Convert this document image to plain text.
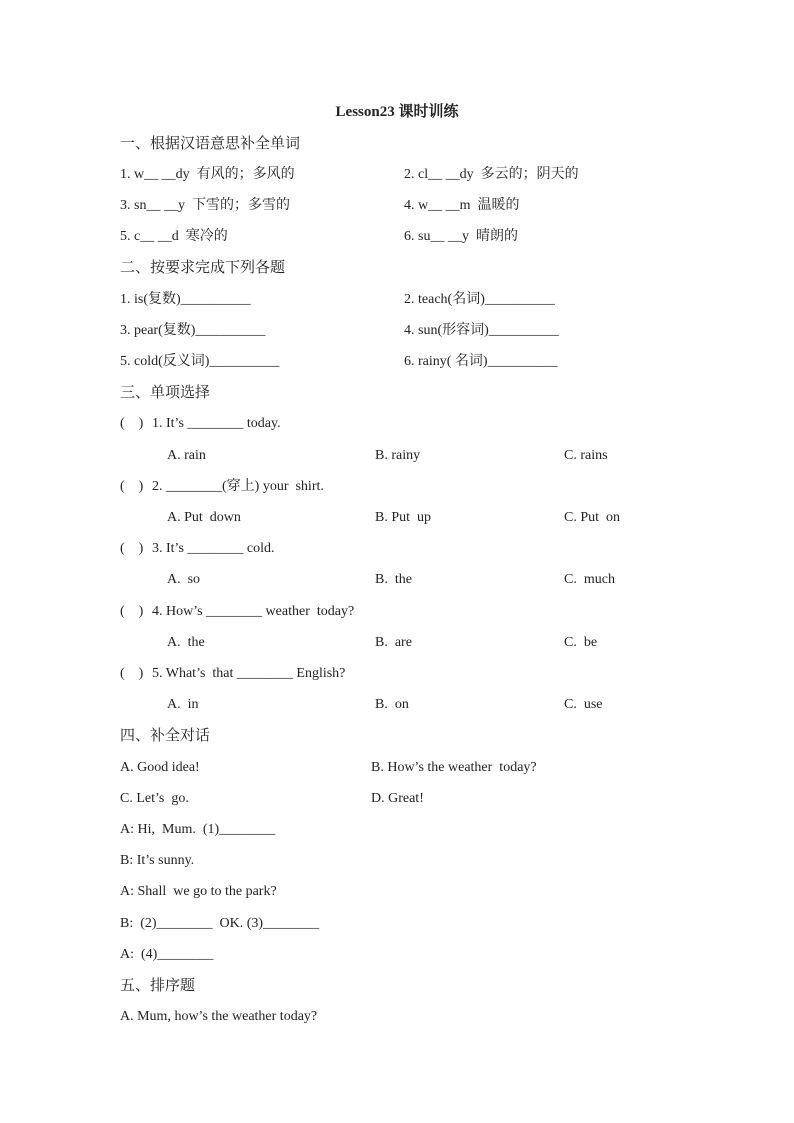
Lesson23 课时训练
一、根据汉语意思补全单词
1. w__ __dy  有风的；多风的	2. cl__ __dy  多云的；阴天的
3. sn__ __y  下雪的；多雪的	4. w__ __m  温暖的
5. c__ __d  寒冷的	6. su__ __y  晴朗的
二、按要求完成下列各题
1. is(复数)__________	2. teach(名词)__________
3. pear(复数)__________	4. sun(形容词)__________
5. cold(反义词)__________	6. rainy( 名词)__________
三、单项选择
(    ) 1. It’s ________ today.
A. rain	B. rainy	C. rains
(    ) 2. ________(穿上) your  shirt.
A. Put  down	B. Put  up	C. Put  on
(    ) 3. It’s ________ cold.
A.  so	B.  the	C.  much
(    ) 4. How’s ________ weather  today?
A.  the	B.  are	C.  be
(    ) 5. What’s  that ________ English?
A.  in	B.  on	C.  use
四、补全对话
A. Good idea!	B. How’s the weather  today?
C. Let’s  go.	D. Great!
A: Hi,  Mum.  (1)________
B: It’s sunny.
A: Shall  we go to the park?
B:  (2)________  OK. (3)________
A:  (4)________
五、排序题
A. Mum, how’s the weather today?
